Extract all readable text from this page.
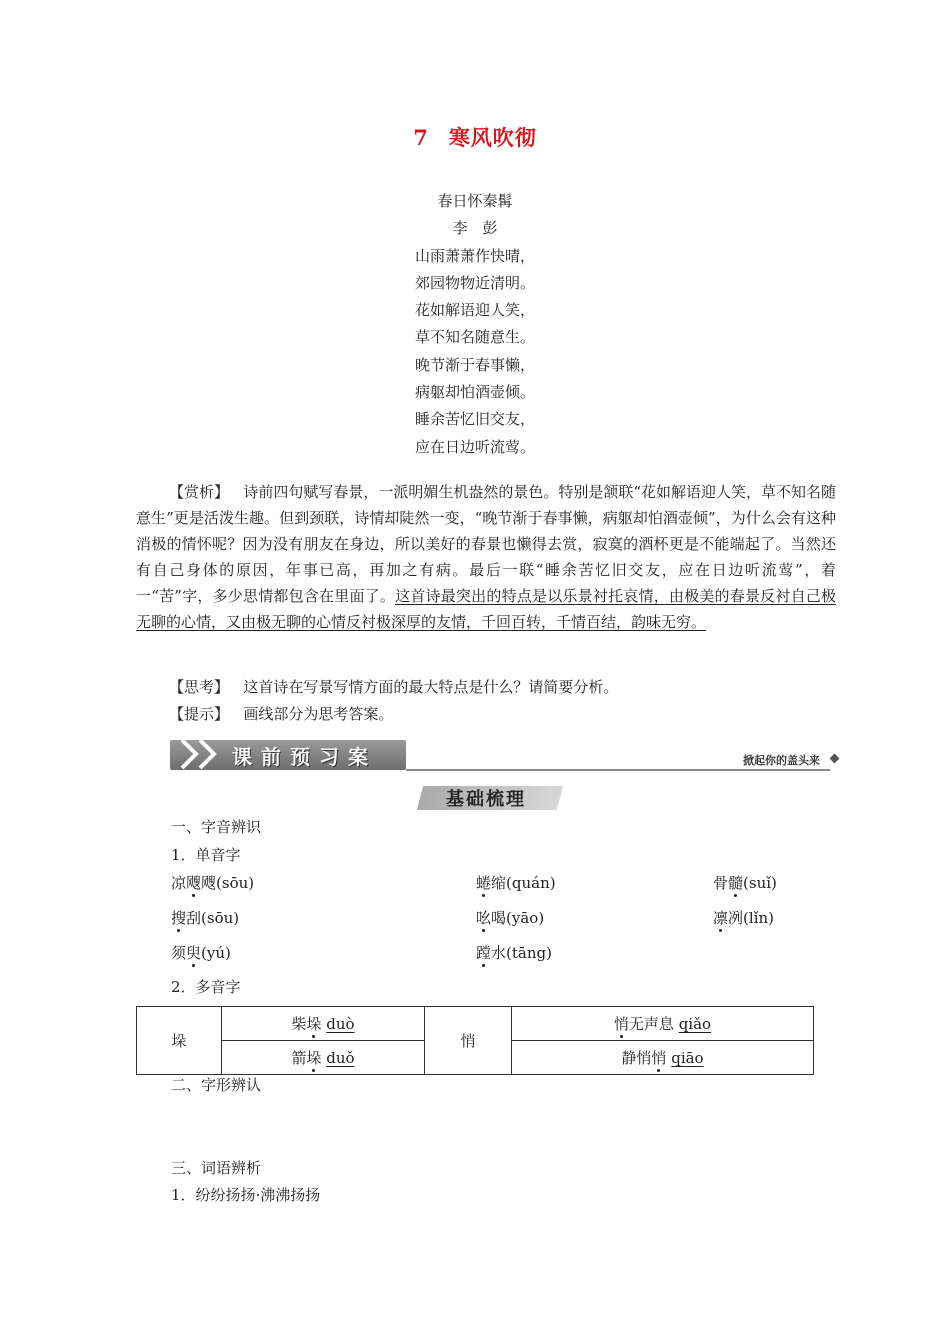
7 寒风吹彻
春日怀秦髯
李　彭
山雨萧萧作快晴，
郊园物物近清明。
花如解语迎人笑，
草不知名随意生。
晚节渐于春事懒，
病躯却怕酒壶倾。
睡余苦忆旧交友，
应在日边听流莺。

【赏析】 诗前四句赋写春景，一派明媚生机盎然的景色。特别是颔联“花如解语迎人笑，草不知名随意生”更是活泼生趣。但到颈联，诗情却陡然一变，“晚节渐于春事懒，病躯却怕酒壶倾”，为什么会有这种消极的情怀呢？因为没有朋友在身边，所以美好的春景也懒得去赏，寂寞的酒杯更是不能端起了。当然还有自己身体的原因，年事已高，再加之有病。最后一联“睡余苦忆旧交友，应在日边听流莺”，着一“苦”字，多少思情都包含在里面了。这首诗最突出的特点是以乐景衬托哀情，由极美的春景反衬自己极无聊的心情，又由极无聊的心情反衬极深厚的友情，千回百转，千情百结，韵味无穷。

【思考】 这首诗在写景写情方面的最大特点是什么？请简要分析。

【提示】 画线部分为思考答案。

课前预习案	掀起你的盖头来
基础梳理
一、字音辨识
1．单音字
凉飕飕(sōu)	蜷缩(quán)	骨髓(suǐ)
搜刮(sōu)	吆喝(yāo)	凛冽(lǐn)
须臾(yú)	蹚水(tāng)
2．多音字
垛	柴垛 duò	悄	悄无声息 qiǎo
	箭垛 duǒ		静悄悄 qiāo
二、字形辨认
三、词语辨析
1．纷纷扬扬·沸沸扬扬
